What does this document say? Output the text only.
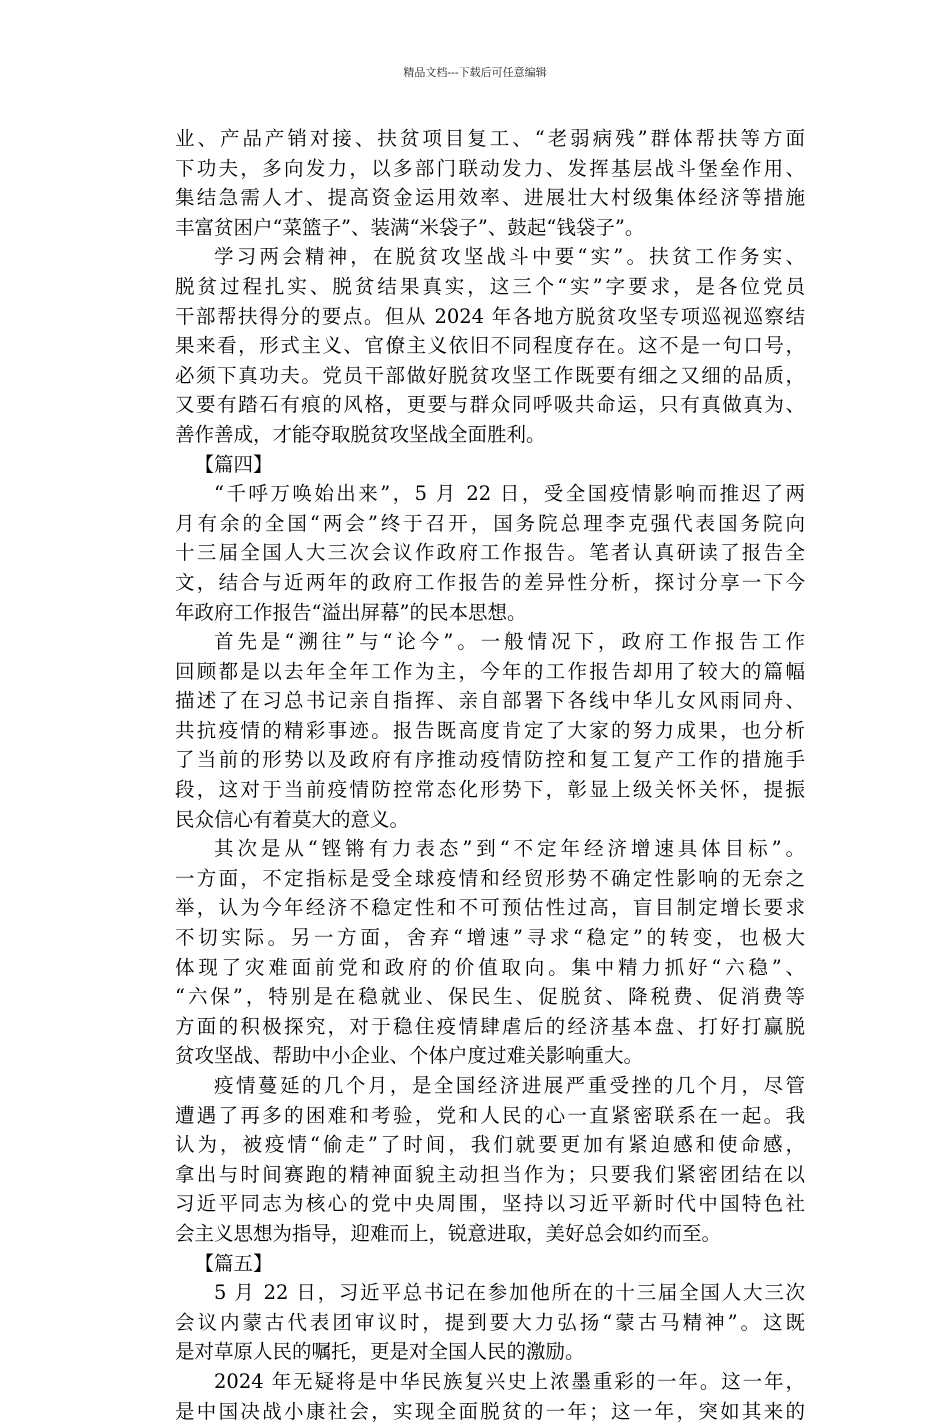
精品文档---下载后可任意编辑
业、产品产销对接、扶贫项目复工、“老弱病残”群体帮扶等方面
下功夫，多向发力，以多部门联动发力、发挥基层战斗堡垒作用、
集结急需人才、提高资金运用效率、进展壮大村级集体经济等措施
丰富贫困户“菜篮子”、装满“米袋子”、鼓起“钱袋子”。
学习两会精神，在脱贫攻坚战斗中要“实”。扶贫工作务实、
脱贫过程扎实、脱贫结果真实，这三个“实”字要求，是各位党员
干部帮扶得分的要点。但从 2024 年各地方脱贫攻坚专项巡视巡察结
果来看，形式主义、官僚主义依旧不同程度存在。这不是一句口号，
必须下真功夫。党员干部做好脱贫攻坚工作既要有细之又细的品质，
又要有踏石有痕的风格，更要与群众同呼吸共命运，只有真做真为、
善作善成，才能夺取脱贫攻坚战全面胜利。
【篇四】
“千呼万唤始出来”，5 月 22 日，受全国疫情影响而推迟了两
月有余的全国“两会”终于召开，国务院总理李克强代表国务院向
十三届全国人大三次会议作政府工作报告。笔者认真研读了报告全
文，结合与近两年的政府工作报告的差异性分析，探讨分享一下今
年政府工作报告“溢出屏幕”的民本思想。
首先是“溯往”与“论今”。一般情况下，政府工作报告工作
回顾都是以去年全年工作为主，今年的工作报告却用了较大的篇幅
描述了在习总书记亲自指挥、亲自部署下各线中华儿女风雨同舟、
共抗疫情的精彩事迹。报告既高度肯定了大家的努力成果，也分析
了当前的形势以及政府有序推动疫情防控和复工复产工作的措施手
段，这对于当前疫情防控常态化形势下，彰显上级关怀关怀，提振
民众信心有着莫大的意义。
其次是从“铿锵有力表态”到“不定年经济增速具体目标”。
一方面，不定指标是受全球疫情和经贸形势不确定性影响的无奈之
举，认为今年经济不稳定性和不可预估性过高，盲目制定增长要求
不切实际。另一方面，舍弃“增速”寻求“稳定”的转变，也极大
体现了灾难面前党和政府的价值取向。集中精力抓好“六稳”、
“六保”，特别是在稳就业、保民生、促脱贫、降税费、促消费等
方面的积极探究，对于稳住疫情肆虐后的经济基本盘、打好打赢脱
贫攻坚战、帮助中小企业、个体户度过难关影响重大。
疫情蔓延的几个月，是全国经济进展严重受挫的几个月，尽管
遭遇了再多的困难和考验，党和人民的心一直紧密联系在一起。我
认为，被疫情“偷走”了时间，我们就要更加有紧迫感和使命感，
拿出与时间赛跑的精神面貌主动担当作为；只要我们紧密团结在以
习近平同志为核心的党中央周围，坚持以习近平新时代中国特色社
会主义思想为指导，迎难而上，锐意进取，美好总会如约而至。
【篇五】
5 月 22 日，习近平总书记在参加他所在的十三届全国人大三次
会议内蒙古代表团审议时，提到要大力弘扬“蒙古马精神”。这既
是对草原人民的嘱托，更是对全国人民的激励。
2024 年无疑将是中华民族复兴史上浓墨重彩的一年。这一年，
是中国决战小康社会，实现全面脱贫的一年；这一年，突如其来的
